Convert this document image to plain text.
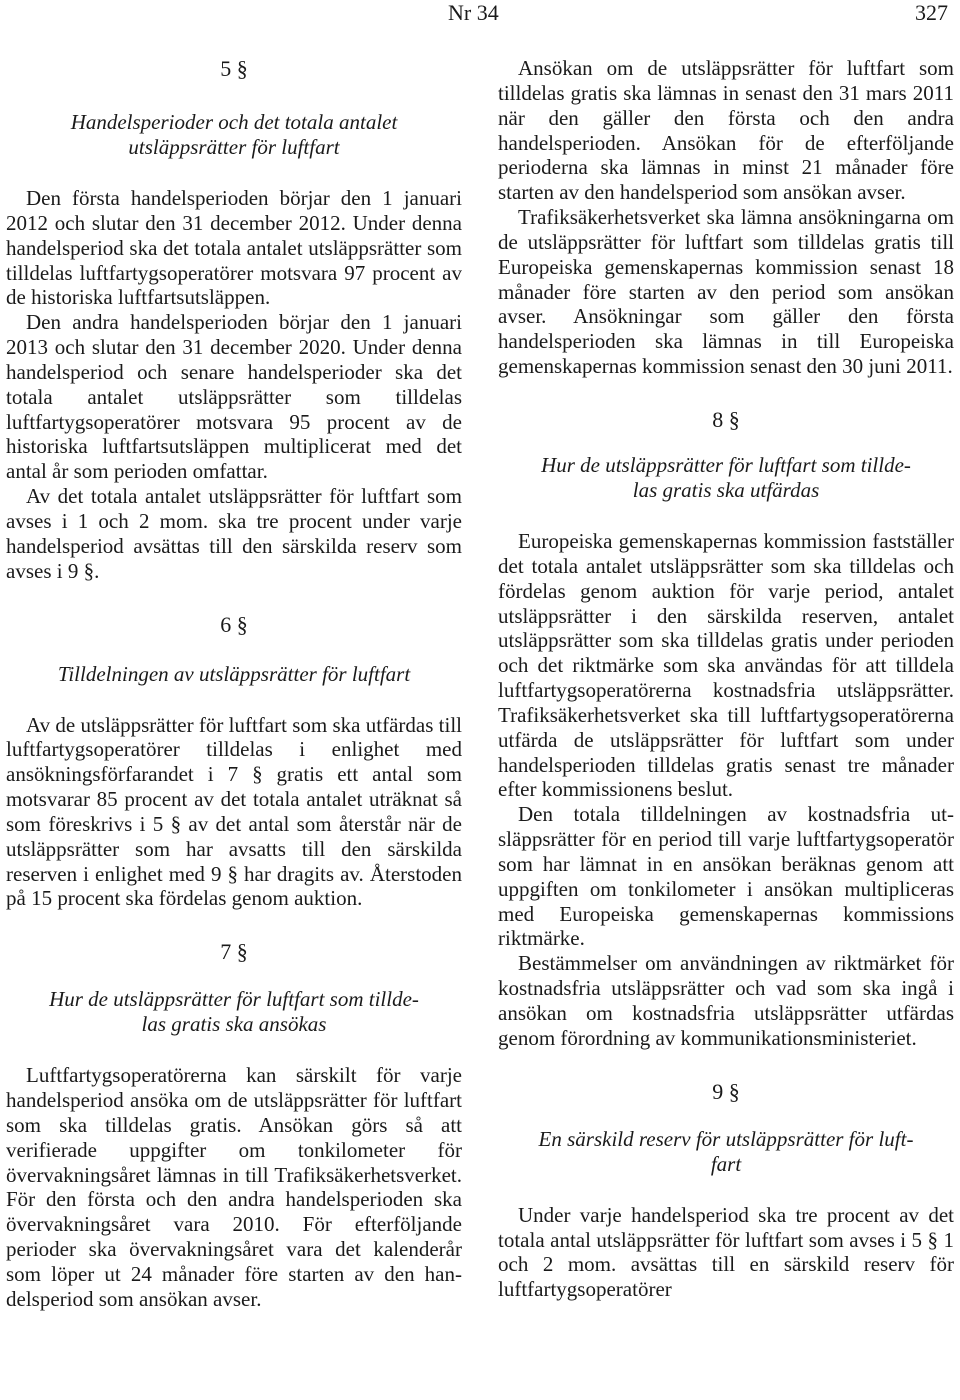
Nr 34	327

5 §

Handelsperioder och det totala antalet
utsläppsrätter för luftfart

Den första handelsperioden börjar den 1 januari 2012 och slutar den 31 december 2012. Under denna handelsperiod ska det totala antalet utsläppsrätter som tilldelas luftfartygsoperatörer motsvara 97 procent av de historiska luftfartsutsläppen.

Den andra handelsperioden börjar den 1 januari 2013 och slutar den 31 december 2020. Under denna handelsperiod och senare handelsperioder ska det totala antalet utsläppsrätter som tilldelas luftfartygsoperatörer motsvara 95 procent av de historiska luftfartsutsläppen multiplicerat med det antal år som perioden omfattar.

Av det totala antalet utsläppsrätter för luftfart som avses i 1 och 2 mom. ska tre procent under varje handelsperiod avsättas till den särskilda reserv som avses i 9 §.

6 §

Tilldelningen av utsläppsrätter för luftfart

Av de utsläppsrätter för luftfart som ska utfärdas till luftfartygsoperatörer tilldelas i enlighet med ansökningsförfarandet i 7 § gratis ett antal som motsvarar 85 procent av det totala antalet uträknat så som föreskrivs i 5 § av det antal som återstår när de utsläppsrätter som har avsatts till den särskilda reserven i enlighet med 9 § har dragits av. Återstoden på 15 procent ska fördelas genom auktion.

7 §

Hur de utsläppsrätter för luftfart som tillde-
las gratis ska ansökas

Luftfartygsoperatörerna kan särskilt för varje handelsperiod ansöka om de utsläppsrätter för luftfart som ska tilldelas gratis. Ansökan görs så att verifierade uppgifter om tonkilometer för övervakningsåret lämnas in till Trafiksäkerhetsverket. För den första och den andra handelsperioden ska övervakningsåret vara 2010. För efterföljande perioder ska övervakningsåret vara det kalenderår som löper ut 24 månader före starten av den handelsperiod som ansökan avser.

Ansökan om de utsläppsrätter för luftfart som tilldelas gratis ska lämnas in senast den 31 mars 2011 när den gäller den första och den andra handelsperioden. Ansökan för de efterföljande perioderna ska lämnas in minst 21 månader före starten av den handelsperiod som ansökan avser.

Trafiksäkerhetsverket ska lämna ansökningarna om de utsläppsrätter för luftfart som tilldelas gratis till Europeiska gemenskapernas kommission senast 18 månader före starten av den period som ansökan avser. Ansökningar som gäller den första handelsperioden ska lämnas in till Europeiska gemenskapernas kommission senast den 30 juni 2011.

8 §

Hur de utsläppsrätter för luftfart som tillde-
las gratis ska utfärdas

Europeiska gemenskapernas kommission fastställer det totala antalet utsläppsrätter som ska tilldelas och fördelas genom auktion för varje period, antalet utsläppsrätter i den särskilda reserven, antalet utsläppsrätter som ska tilldelas gratis under perioden och det riktmärke som ska användas för att tilldela luftfartygsoperatörerna kostnadsfria utsläppsrätter. Trafiksäkerhetsverket ska till luftfartygsoperatörerna utfärda de utsläppsrätter för luftfart som under handelsperioden tilldelas gratis senast tre månader efter kommissionens beslut.

Den totala tilldelningen av kostnadsfria utsläppsrätter för en period till varje luftfartygsoperatör som har lämnat in en ansökan beräknas genom att uppgiften om tonkilometer i ansökan multipliceras med Europeiska gemenskapernas kommissions riktmärke.

Bestämmelser om användningen av riktmärket för kostnadsfria utsläppsrätter och vad som ska ingå i ansökan om kostnadsfria utsläppsrätter utfärdas genom förordning av kommunikationsministeriet.

9 §

En särskild reserv för utsläppsrätter för luft-
fart

Under varje handelsperiod ska tre procent av det totala antal utsläppsrätter för luftfart som avses i 5 § 1 och 2 mom. avsättas till en särskild reserv för luftfartygsoperatörer
